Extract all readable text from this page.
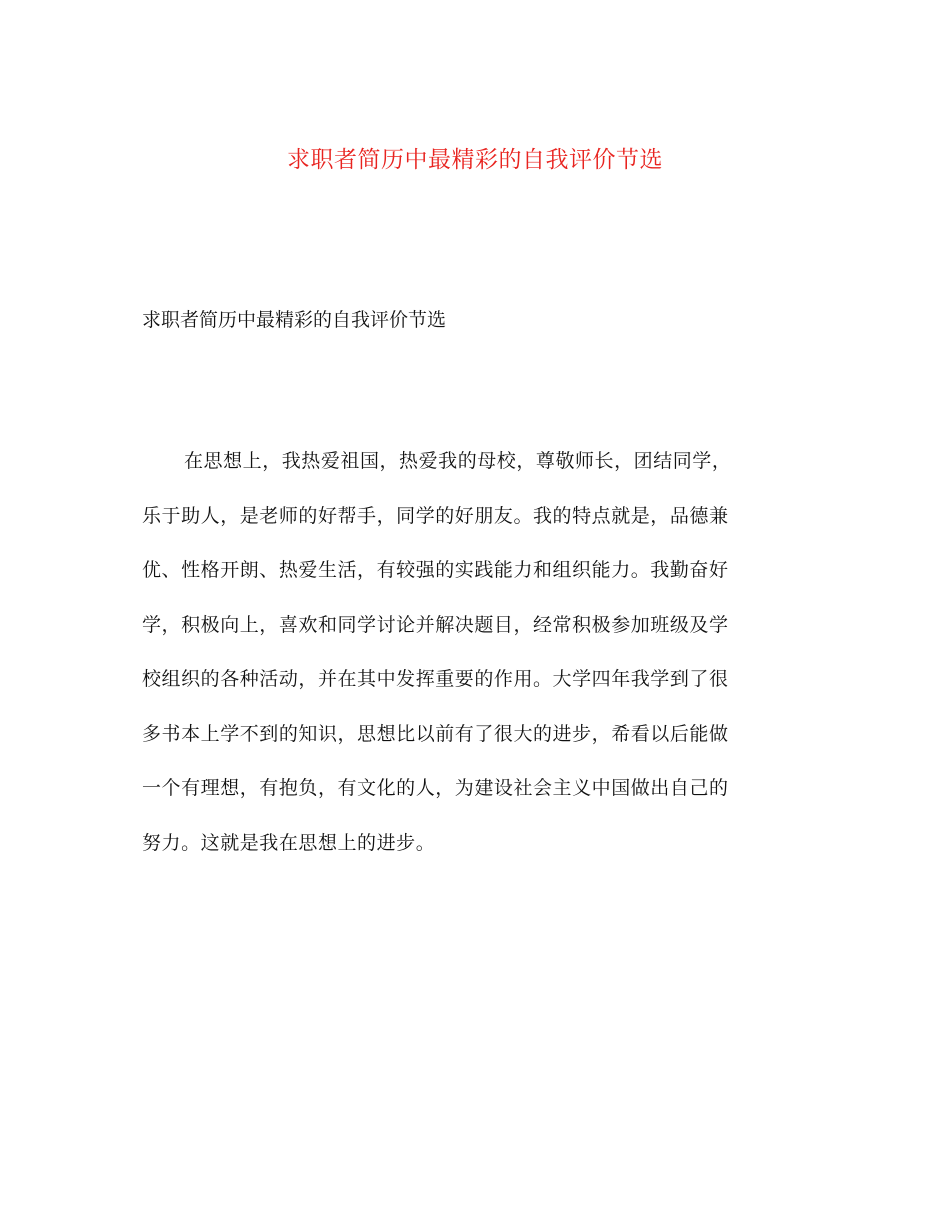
求职者简历中最精彩的自我评价节选
求职者简历中最精彩的自我评价节选
在思想上，我热爱祖国，热爱我的母校，尊敬师长，团结同学，
乐于助人，是老师的好帮手，同学的好朋友。我的特点就是，品德兼
优、性格开朗、热爱生活，有较强的实践能力和组织能力。我勤奋好
学，积极向上，喜欢和同学讨论并解决题目，经常积极参加班级及学
校组织的各种活动，并在其中发挥重要的作用。大学四年我学到了很
多书本上学不到的知识，思想比以前有了很大的进步，希看以后能做
一个有理想，有抱负，有文化的人，为建设社会主义中国做出自己的
努力。这就是我在思想上的进步。
